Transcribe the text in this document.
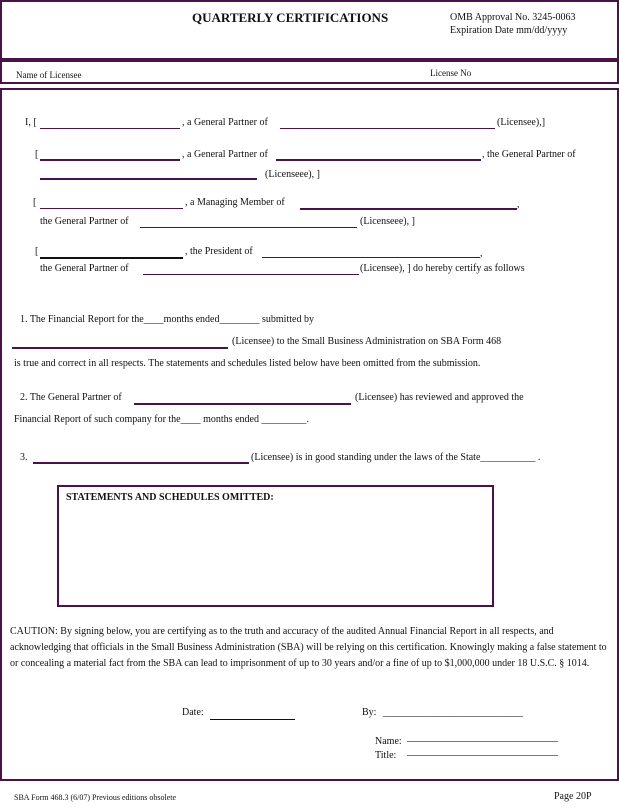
QUARTERLY CERTIFICATIONS	OMB Approval No. 3245-0063
Expiration Date mm/dd/yyyy
Name of Licensee	License No
I, [	, a General Partner of	(Licensee),]
[	, a General Partner of	, the General Partner of
(Licenseee), ]
[	, a Managing Member of	,
the General Partner of	(Licenseee), ]
[	, the President of	,
the General Partner of	(Licensee), ] do hereby certify as follows
1. The Financial Report for the____months ended________ submitted by
(Licensee) to the Small Business Administration on SBA Form 468
is true and correct in all respects. The statements and schedules listed below have been omitted from the submission.
2. The General Partner of	(Licensee) has reviewed and approved the
Financial Report of such company for the____ months ended _________.
3.	(Licensee) is in good standing under the laws of the State___________ .
STATEMENTS AND SCHEDULES OMITTED:
CAUTION: By signing below, you are certifying as to the truth and accuracy of the audited Annual Financial Report in all respects, and acknowledging that officials in the Small Business Administration (SBA) will be relying on this certification. Knowingly making a false statement to or concealing a material fact from the SBA can lead to imprisonment of up to 30 years and/or a fine of up to $1,000,000 under 18 U.S.C. § 1014.
Date:	By: _______________________________
Name:
Title:
SBA Form 468.3 (6/07) Previous editions obsolete	Page 20P
